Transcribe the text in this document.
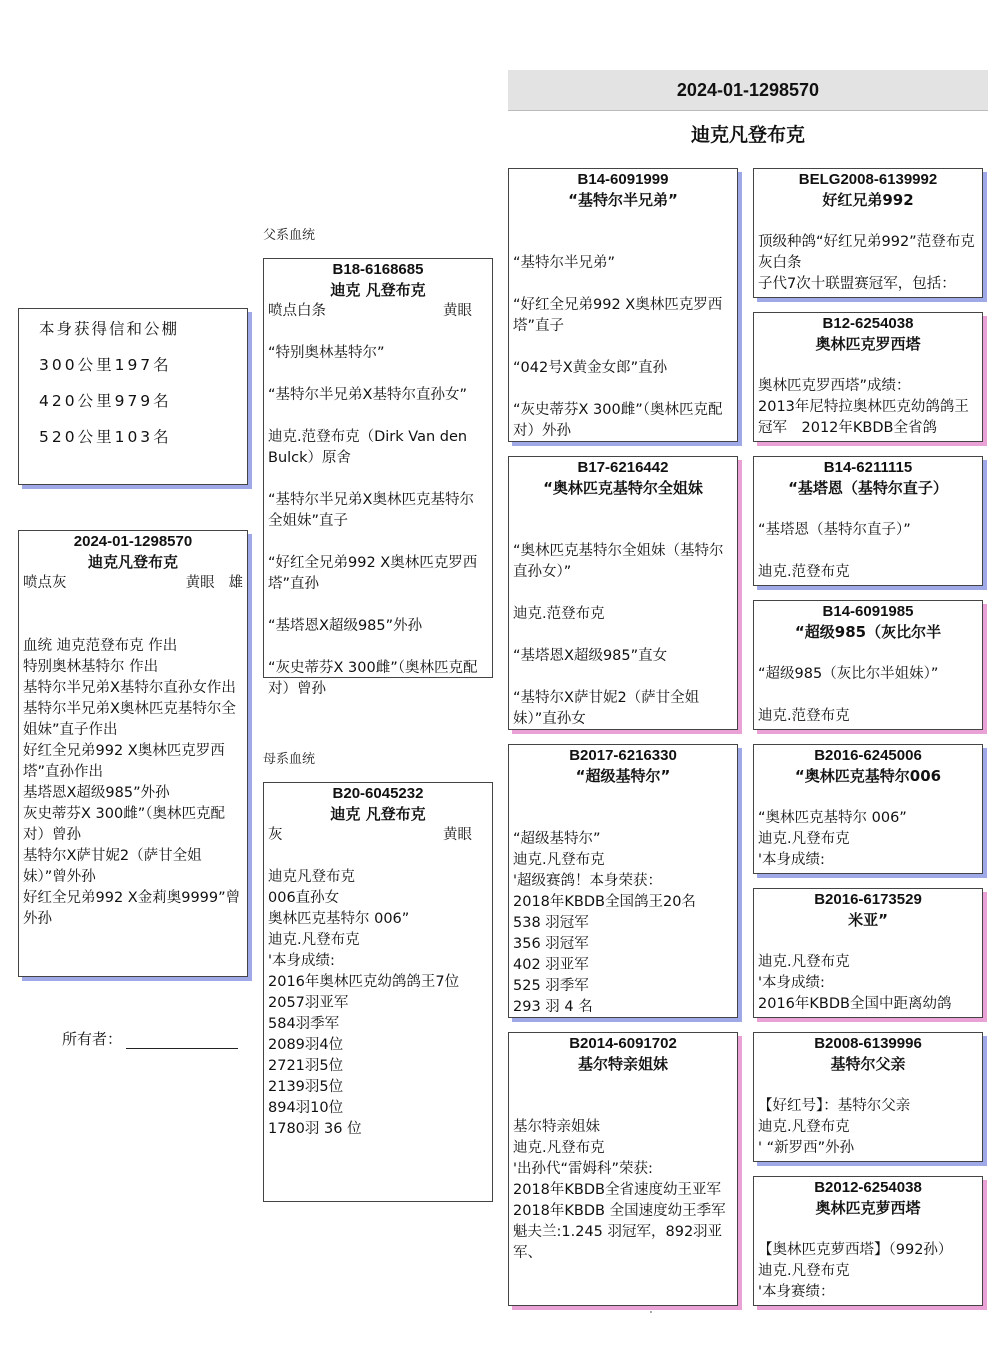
2024-01-1298570
迪克凡登布克
父系血统
母系血统
本身获得信和公棚
300公里197名
420公里979名
520公里103名
2024-01-1298570
迪克凡登布克
喷点灰	黄眼 雄
血统 迪克范登布克 作出
特别奥林基特尔 作出
基特尔半兄弟X基特尔直孙女作出
基特尔半兄弟X奥林匹克基特尔全姐妹”直子作出
好红全兄弟992 X奥林匹克罗西塔”直孙作出
基塔恩X超级985”外孙
灰史蒂芬X 300雌”（奥林匹克配对）曾孙
基特尔X萨甘妮2（萨甘全姐妹）”曾外孙
好红全兄弟992 X金莉奥9999”曾外孙
所有者：
B18-6168685
迪克 凡登布克
喷点白条	黄眼
“特别奥林基特尔”
“基特尔半兄弟X基特尔直孙女”
迪克.范登布克（Dirk Van den Bulck）原舍
“基特尔半兄弟X奥林匹克基特尔全姐妹”直子
“好红全兄弟992 X奥林匹克罗西塔”直孙
“基塔恩X超级985”外孙
“灰史蒂芬X 300雌”（奥林匹克配对）曾孙
B20-6045232
迪克 凡登布克
灰	黄眼
迪克凡登布克
006直孙女
奥林匹克基特尔 006”
迪克.凡登布克
'本身成绩:
2016年奥林匹克幼鸽鸽王7位
2057羽亚军
584羽季军
2089羽4位
2721羽5位
2139羽5位
894羽10位
1780羽 36 位
B14-6091999
“基特尔半兄弟”
“基特尔半兄弟”
“好红全兄弟992 X奥林匹克罗西塔”直子
“042号X黄金女郎”直孙
“灰史蒂芬X 300雌”（奥林匹克配对）外孙
B17-6216442
“奥林匹克基特尔全姐妹
“奥林匹克基特尔全姐妹（基特尔直孙女）”
迪克.范登布克
“基塔恩X超级985”直女
“基特尔X萨甘妮2（萨甘全姐妹）”直孙女
B2017-6216330
“超级基特尔”
“超级基特尔”
迪克.凡登布克
'超级赛鸽！本身荣获：
2018年KBDB全国鸽王20名
538 羽冠军
356 羽冠军
402 羽亚军
525 羽季军
293 羽 4 名
B2014-6091702
基尔特亲姐妹
基尔特亲姐妹
迪克.凡登布克
'出孙代“雷姆科”荣获:
2018年KBDB全省速度幼王亚军
2018年KBDB 全国速度幼王季军
魁夫兰:1.245 羽冠军，892羽亚军、
BELG2008-6139992
好红兄弟992
顶级种鸽“好红兄弟992”范登布克 灰白条
子代7次十联盟赛冠军，包括：
B12-6254038
奥林匹克罗西塔
奥林匹克罗西塔”成绩：
2013年尼特拉奥林匹克幼鸽鸽王冠军　2012年KBDB全省鸽
B14-6211115
“基塔恩（基特尔直子）
“基塔恩（基特尔直子）”
迪克.范登布克
B14-6091985
“超级985（灰比尔半
“超级985（灰比尔半姐妹）”
迪克.范登布克
B2016-6245006
“奥林匹克基特尔006
“奥林匹克基特尔 006”
迪克.凡登布克
'本身成绩:
B2016-6173529
米亚”
迪克.凡登布克
'本身成绩:
2016年KBDB全国中距离幼鸽
B2008-6139996
基特尔父亲
【好红号】：基特尔父亲
迪克.凡登布克
' “新罗西”外孙
B2012-6254038
奥林匹克萝西塔
【奥林匹克萝西塔】（992孙）
迪克.凡登布克
'本身赛绩：
